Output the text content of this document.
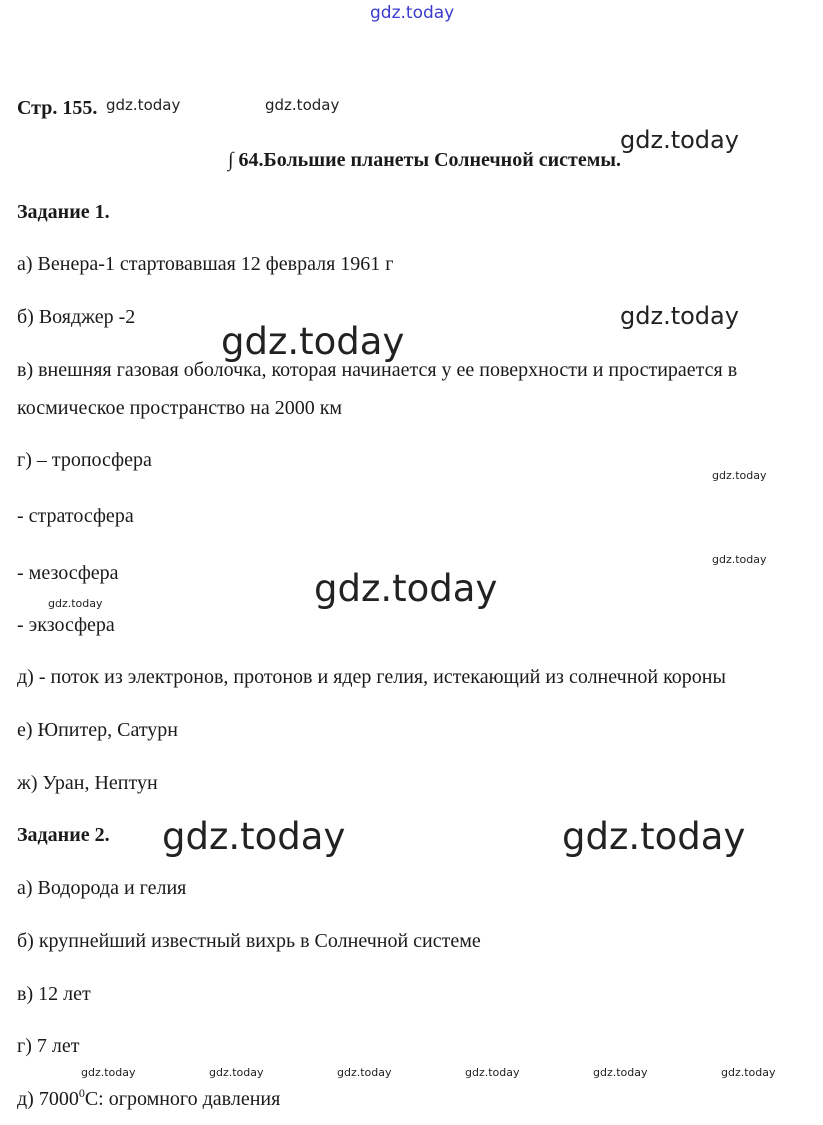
gdz.today
gdz.today	gdz.today
gdz.today
gdz.today
gdz.today
gdz.today
gdz.today
gdz.today
gdz.today
gdz.today	gdz.today
gdz.today	gdz.today	gdz.today	gdz.today	gdz.today	gdz.today
Стр. 155.
∫ 64.Большие планеты Солнечной системы.
Задание 1.
а) Венера-1 стартовавшая 12 февраля 1961 г
б) Вояджер -2
в) внешняя газовая оболочка, которая начинается у ее поверхности и простирается в
космическое пространство на 2000 км
г) – тропосфера
- стратосфера
- мезосфера
- экзосфера
д) - поток из электронов, протонов и ядер гелия, истекающий из солнечной короны
е) Юпитер, Сатурн
ж) Уран, Нептун
Задание 2.
а) Водорода и гелия
б) крупнейший известный вихрь в Солнечной системе
в) 12 лет
г) 7 лет
д) 7000$^0$С: огромного давления
